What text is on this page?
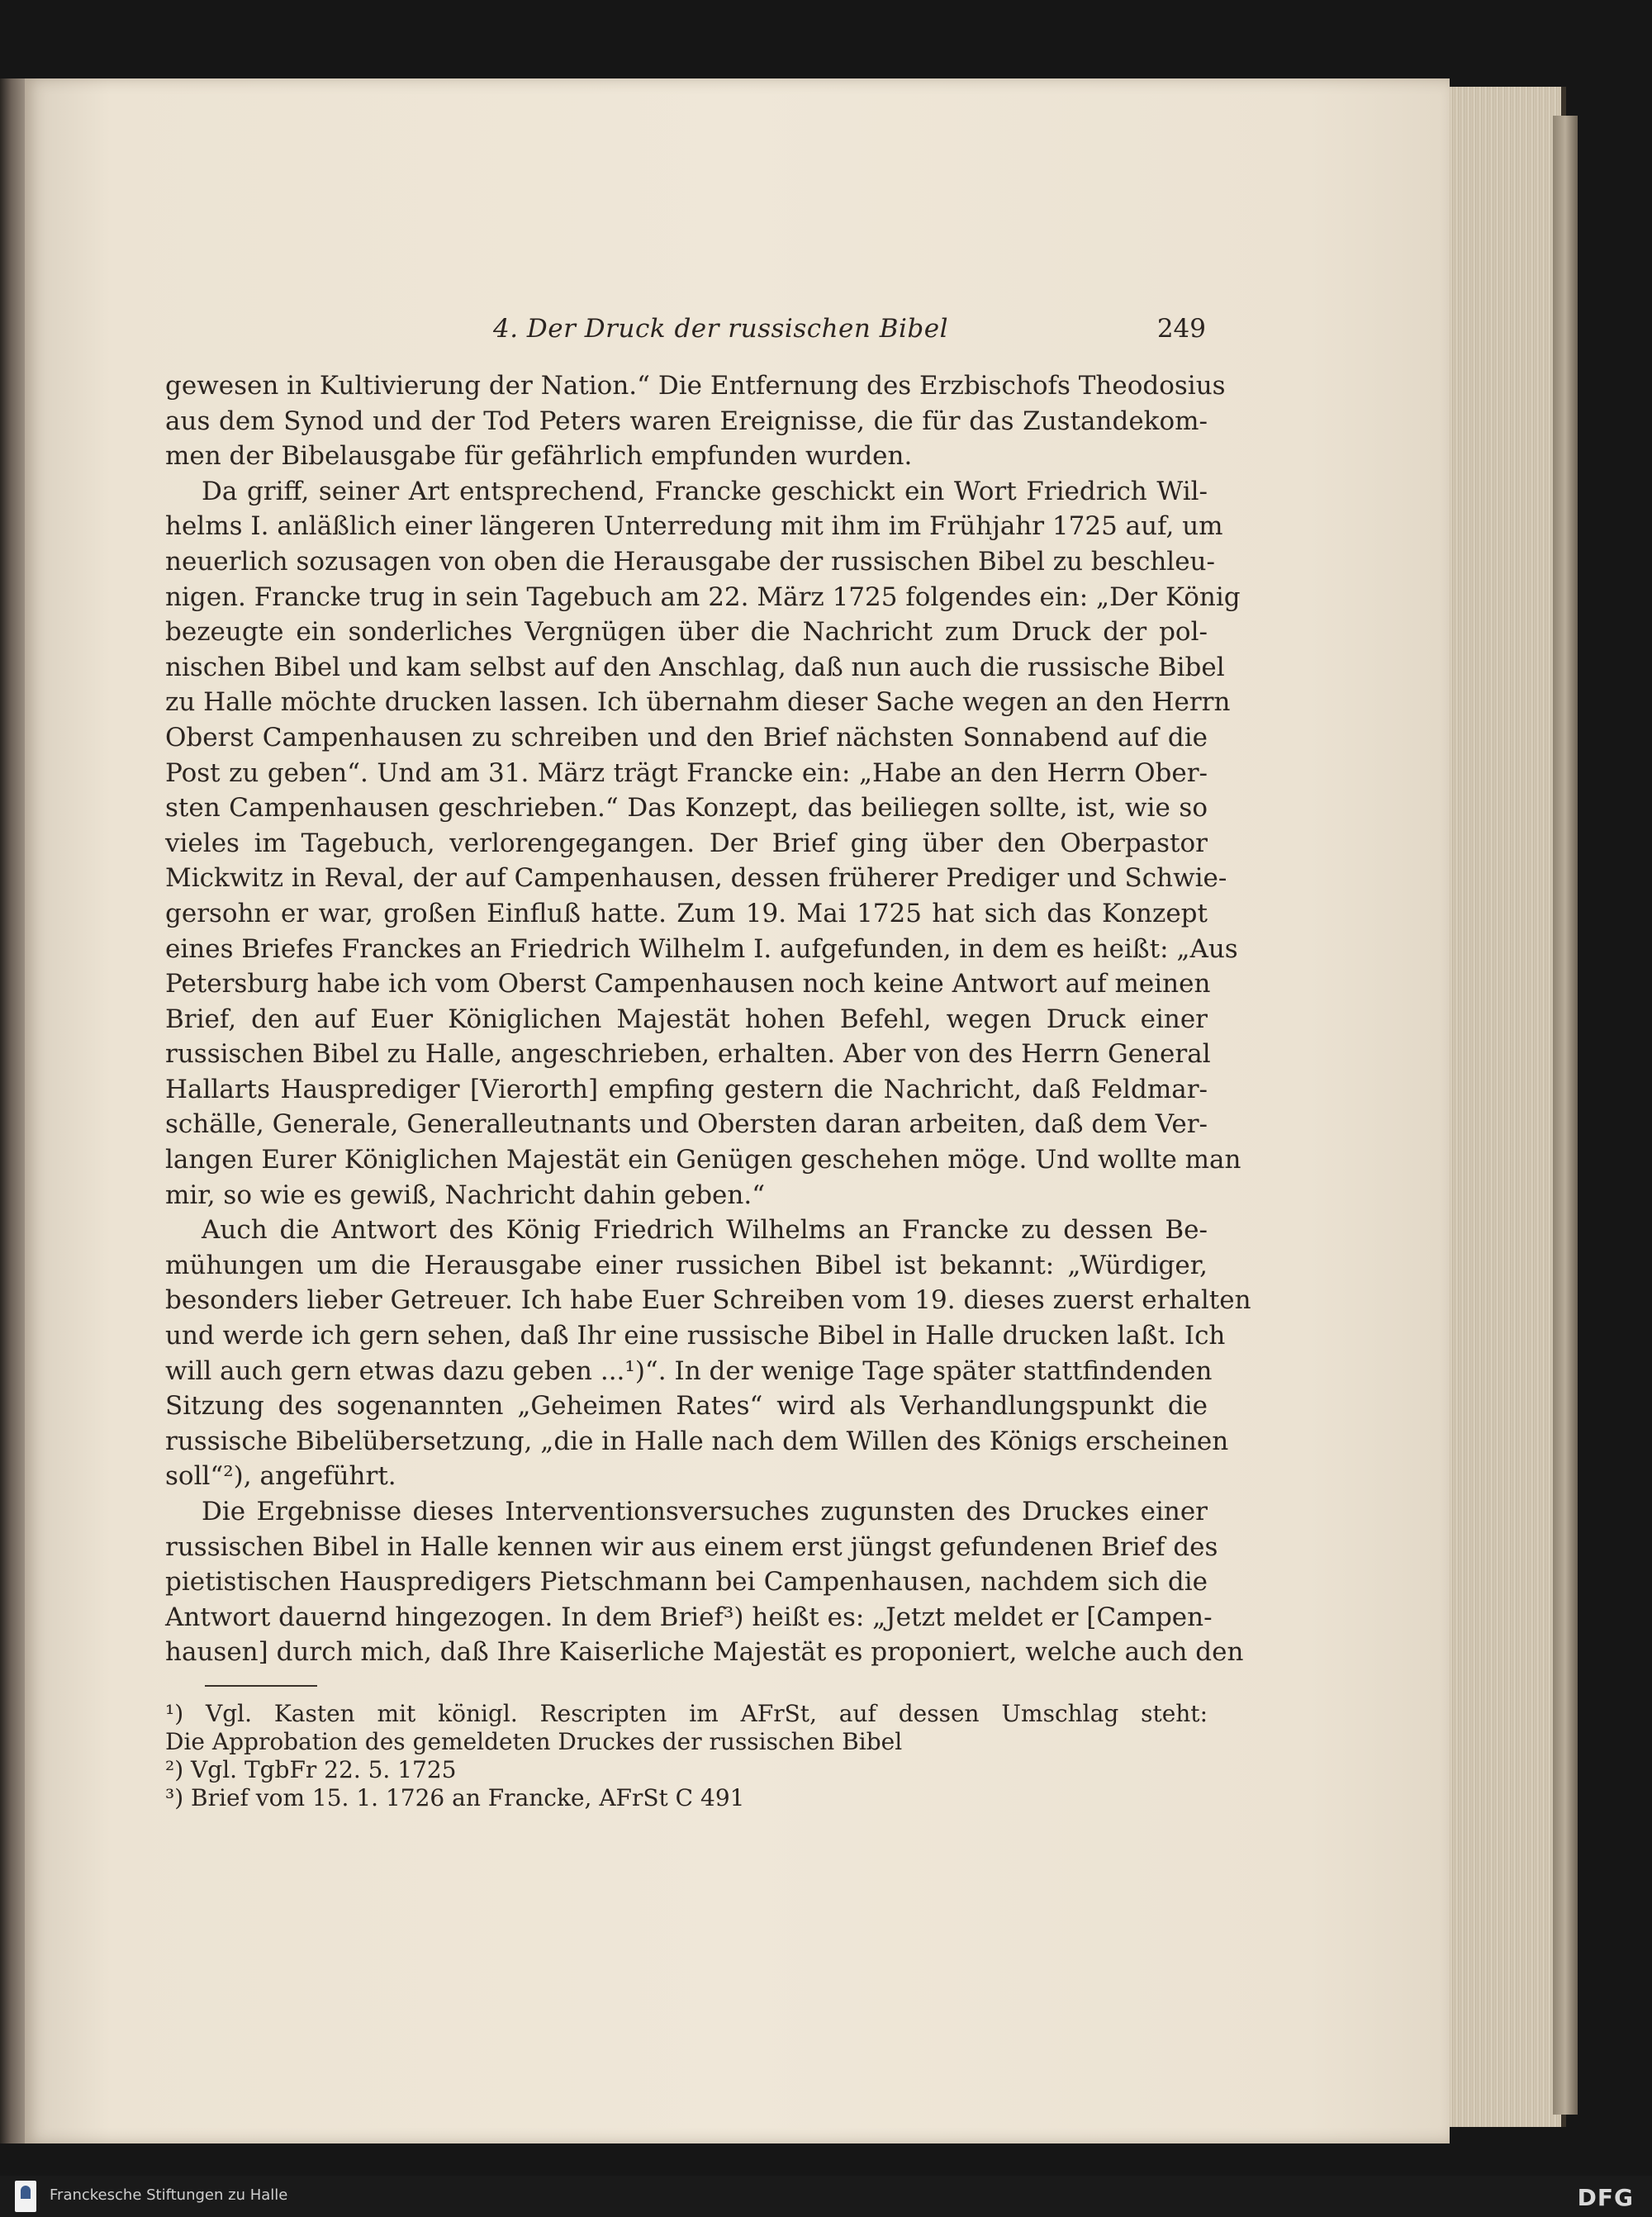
4. Der Druck der russischen Bibel	249
gewesen in Kultivierung der Nation.“ Die Entfernung des Erzbischofs Theodosius
aus dem Synod und der Tod Peters waren Ereignisse, die für das Zustandekom-
men der Bibelausgabe für gefährlich empfunden wurden.
Da griff, seiner Art entsprechend, Francke geschickt ein Wort Friedrich Wil-
helms I. anläßlich einer längeren Unterredung mit ihm im Frühjahr 1725 auf, um
neuerlich sozusagen von oben die Herausgabe der russischen Bibel zu beschleu-
nigen. Francke trug in sein Tagebuch am 22. März 1725 folgendes ein: „Der König
bezeugte ein sonderliches Vergnügen über die Nachricht zum Druck der pol-
nischen Bibel und kam selbst auf den Anschlag, daß nun auch die russische Bibel
zu Halle möchte drucken lassen. Ich übernahm dieser Sache wegen an den Herrn
Oberst Campenhausen zu schreiben und den Brief nächsten Sonnabend auf die
Post zu geben“. Und am 31. März trägt Francke ein: „Habe an den Herrn Ober-
sten Campenhausen geschrieben.“ Das Konzept, das beiliegen sollte, ist, wie so
vieles im Tagebuch, verlorengegangen. Der Brief ging über den Oberpastor
Mickwitz in Reval, der auf Campenhausen, dessen früherer Prediger und Schwie-
gersohn er war, großen Einfluß hatte. Zum 19. Mai 1725 hat sich das Konzept
eines Briefes Franckes an Friedrich Wilhelm I. aufgefunden, in dem es heißt: „Aus
Petersburg habe ich vom Oberst Campenhausen noch keine Antwort auf meinen
Brief, den auf Euer Königlichen Majestät hohen Befehl, wegen Druck einer
russischen Bibel zu Halle, angeschrieben, erhalten. Aber von des Herrn General
Hallarts Hausprediger [Vierorth] empfing gestern die Nachricht, daß Feldmar-
schälle, Generale, Generalleutnants und Obersten daran arbeiten, daß dem Ver-
langen Eurer Königlichen Majestät ein Genügen geschehen möge. Und wollte man
mir, so wie es gewiß, Nachricht dahin geben.“
Auch die Antwort des König Friedrich Wilhelms an Francke zu dessen Be-
mühungen um die Herausgabe einer russichen Bibel ist bekannt: „Würdiger,
besonders lieber Getreuer. Ich habe Euer Schreiben vom 19. dieses zuerst erhalten
und werde ich gern sehen, daß Ihr eine russische Bibel in Halle drucken laßt. Ich
will auch gern etwas dazu geben ...¹)“. In der wenige Tage später stattfindenden
Sitzung des sogenannten „Geheimen Rates“ wird als Verhandlungspunkt die
russische Bibelübersetzung, „die in Halle nach dem Willen des Königs erscheinen
soll“²), angeführt.
Die Ergebnisse dieses Interventionsversuches zugunsten des Druckes einer
russischen Bibel in Halle kennen wir aus einem erst jüngst gefundenen Brief des
pietistischen Hauspredigers Pietschmann bei Campenhausen, nachdem sich die
Antwort dauernd hingezogen. In dem Brief³) heißt es: „Jetzt meldet er [Campen-
hausen] durch mich, daß Ihre Kaiserliche Majestät es proponiert, welche auch den
¹) Vgl. Kasten mit königl. Rescripten im AFrSt, auf dessen Umschlag steht:
Die Approbation des gemeldeten Druckes der russischen Bibel
²) Vgl. TgbFr 22. 5. 1725
³) Brief vom 15. 1. 1726 an Francke, AFrSt C 491
Franckesche Stiftungen zu Halle	DFG
